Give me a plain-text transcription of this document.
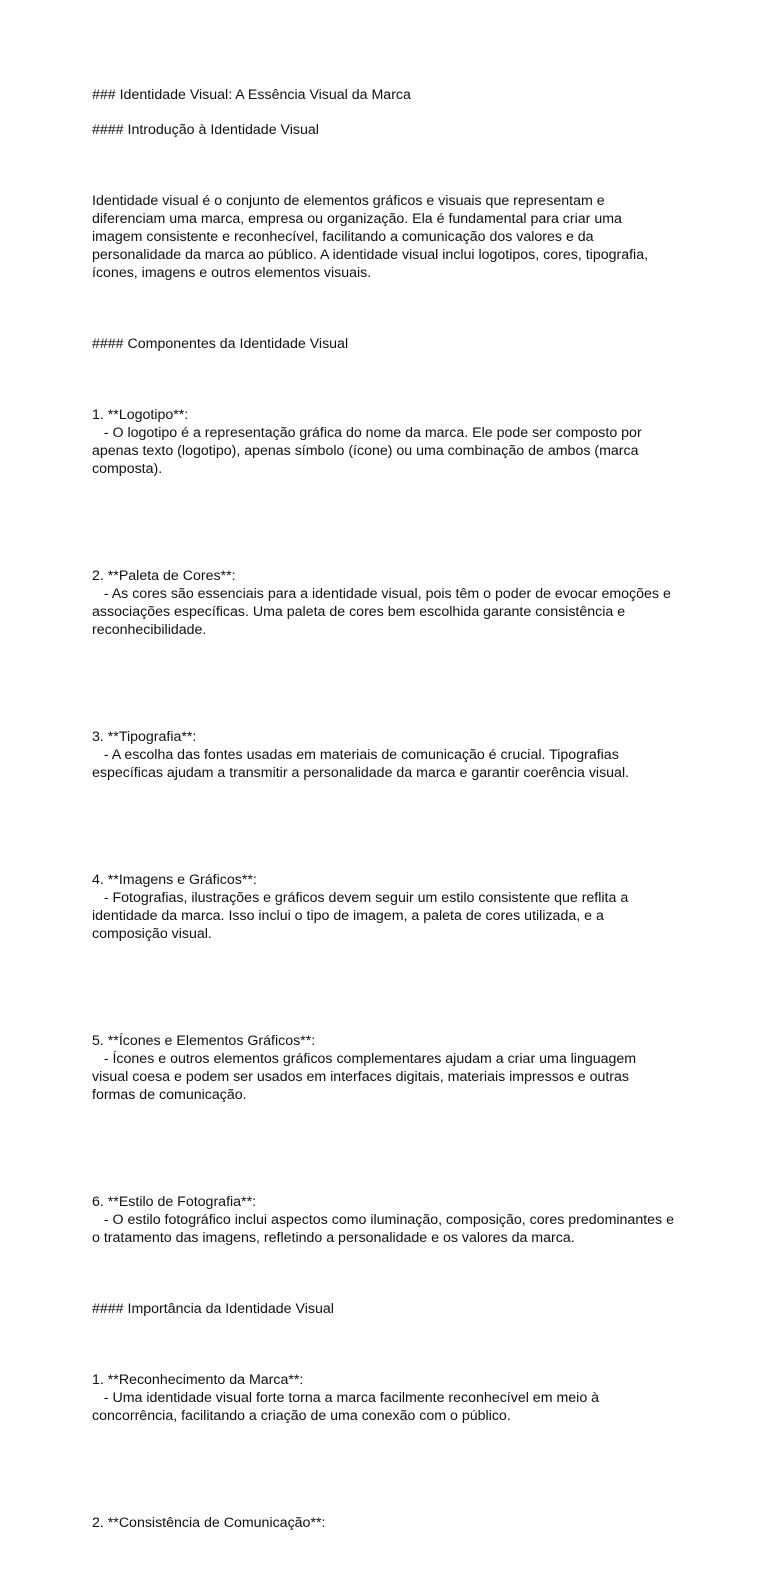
### Identidade Visual: A Essência Visual da Marca

#### Introdução à Identidade Visual

Identidade visual é o conjunto de elementos gráficos e visuais que representam e
diferenciam uma marca, empresa ou organização. Ela é fundamental para criar uma
imagem consistente e reconhecível, facilitando a comunicação dos valores e da
personalidade da marca ao público. A identidade visual inclui logotipos, cores, tipografia,
ícones, imagens e outros elementos visuais.

#### Componentes da Identidade Visual

1. **Logotipo**:
- O logotipo é a representação gráfica do nome da marca. Ele pode ser composto por
apenas texto (logotipo), apenas símbolo (ícone) ou uma combinação de ambos (marca
composta).

2. **Paleta de Cores**:
- As cores são essenciais para a identidade visual, pois têm o poder de evocar emoções e
associações específicas. Uma paleta de cores bem escolhida garante consistência e
reconhecibilidade.

3. **Tipografia**:
- A escolha das fontes usadas em materiais de comunicação é crucial. Tipografias
específicas ajudam a transmitir a personalidade da marca e garantir coerência visual.

4. **Imagens e Gráficos**:
- Fotografias, ilustrações e gráficos devem seguir um estilo consistente que reflita a
identidade da marca. Isso inclui o tipo de imagem, a paleta de cores utilizada, e a
composição visual.

5. **Ícones e Elementos Gráficos**:
- Ícones e outros elementos gráficos complementares ajudam a criar uma linguagem
visual coesa e podem ser usados em interfaces digitais, materiais impressos e outras
formas de comunicação.

6. **Estilo de Fotografia**:
- O estilo fotográfico inclui aspectos como iluminação, composição, cores predominantes e
o tratamento das imagens, refletindo a personalidade e os valores da marca.

#### Importância da Identidade Visual

1. **Reconhecimento da Marca**:
- Uma identidade visual forte torna a marca facilmente reconhecível em meio à
concorrência, facilitando a criação de uma conexão com o público.

2. **Consistência de Comunicação**:
